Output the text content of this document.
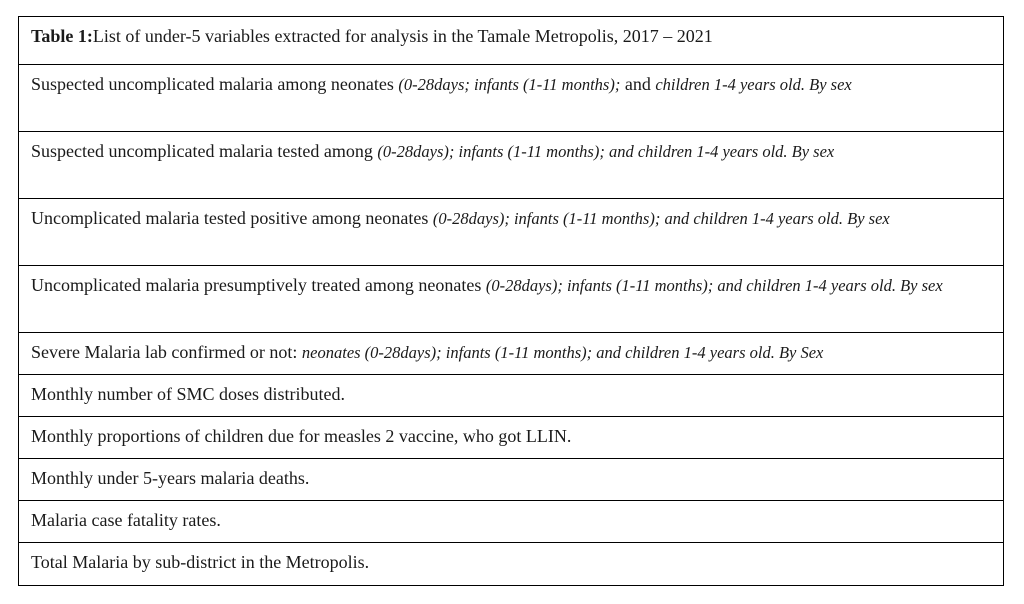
Table 1:List of under-5 variables extracted for analysis in the Tamale Metropolis, 2017 – 2021
Suspected uncomplicated malaria among neonates (0-28days; infants (1-11 months); and children 1-4 years old. By sex
Suspected uncomplicated malaria tested among (0-28days); infants (1-11 months); and children 1-4 years old. By sex
Uncomplicated malaria tested positive among neonates (0-28days); infants (1-11 months); and children 1-4 years old. By sex
Uncomplicated malaria presumptively treated among neonates (0-28days); infants (1-11 months); and children 1-4 years old. By sex
Severe Malaria lab confirmed or not: neonates (0-28days); infants (1-11 months); and children 1-4 years old. By Sex
Monthly number of SMC doses distributed.
Monthly proportions of children due for measles 2 vaccine, who got LLIN.
Monthly under 5-years malaria deaths.
Malaria case fatality rates.
Total Malaria by sub-district in the Metropolis.
